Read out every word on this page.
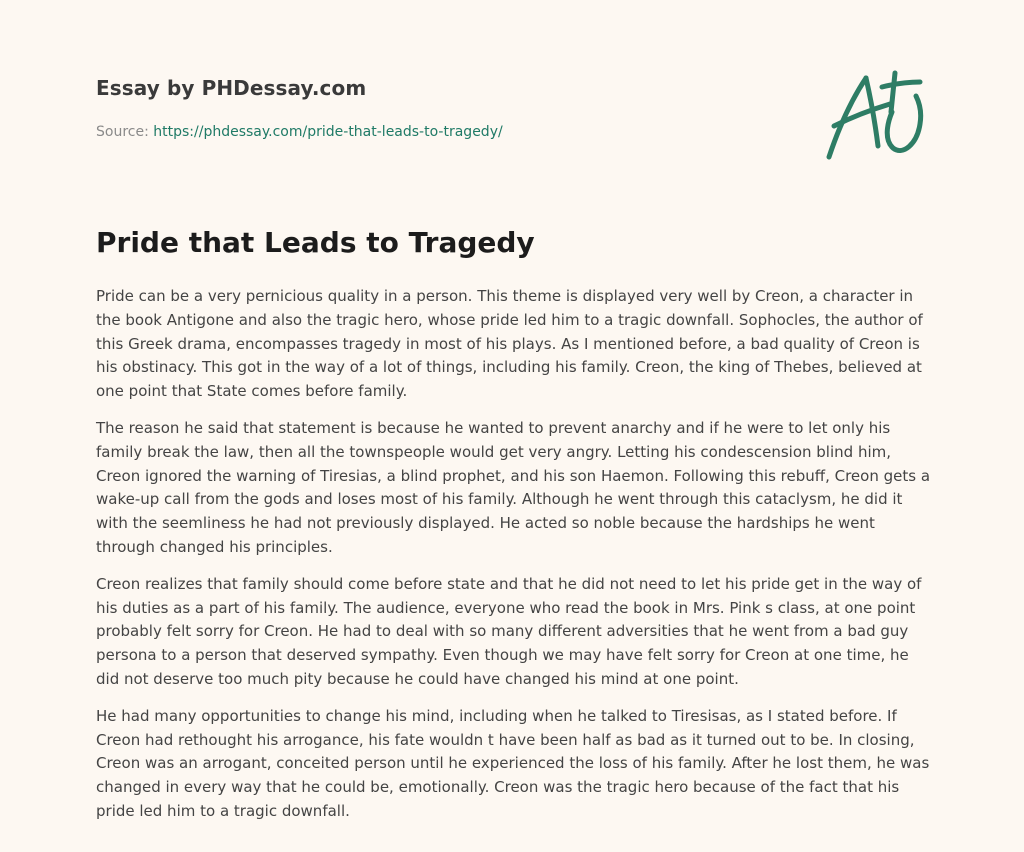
Essay by PHDessay.com
Source: https://phdessay.com/pride-that-leads-to-tragedy/
Pride that Leads to Tragedy

Pride can be a very pernicious quality in a person. This theme is displayed very well by Creon, a character in the book Antigone and also the tragic hero, whose pride led him to a tragic downfall. Sophocles, the author of this Greek drama, encompasses tragedy in most of his plays. As I mentioned before, a bad quality of Creon is his obstinacy. This got in the way of a lot of things, including his family. Creon, the king of Thebes, believed at one point that State comes before family.

The reason he said that statement is because he wanted to prevent anarchy and if he were to let only his family break the law, then all the townspeople would get very angry. Letting his condescension blind him, Creon ignored the warning of Tiresias, a blind prophet, and his son Haemon. Following this rebuff, Creon gets a wake-up call from the gods and loses most of his family. Although he went through this cataclysm, he did it with the seemliness he had not previously displayed. He acted so noble because the hardships he went through changed his principles.

Creon realizes that family should come before state and that he did not need to let his pride get in the way of his duties as a part of his family. The audience, everyone who read the book in Mrs. Pink s class, at one point probably felt sorry for Creon. He had to deal with so many different adversities that he went from a bad guy persona to a person that deserved sympathy. Even though we may have felt sorry for Creon at one time, he did not deserve too much pity because he could have changed his mind at one point.

He had many opportunities to change his mind, including when he talked to Tiresisas, as I stated before. If Creon had rethought his arrogance, his fate wouldn t have been half as bad as it turned out to be. In closing, Creon was an arrogant, conceited person until he experienced the loss of his family. After he lost them, he was changed in every way that he could be, emotionally. Creon was the tragic hero because of the fact that his pride led him to a tragic downfall.
